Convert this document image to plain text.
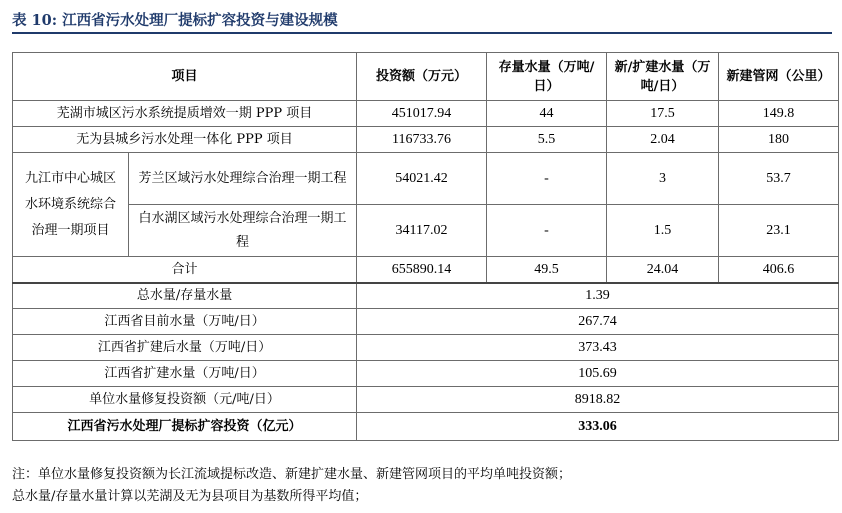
表 10: 江西省污水处理厂提标扩容投资与建设规模
项目		投资额（万元）	存量水量（万吨/日）	新/扩建水量（万吨/日）	新建管网（公里）
芜湖市城区污水系统提质增效一期 PPP 项目		451017.94	44	17.5	149.8
无为县城乡污水处理一体化 PPP 项目		116733.76	5.5	2.04	180
九江市中心城区水环境系统综合治理一期项目	芳兰区域污水处理综合治理一期工程	54021.42	-	3	53.7
	白水湖区域污水处理综合治理一期工程	34117.02	-	1.5	23.1
合计		655890.14	49.5	24.04	406.6
总水量/存量水量		1.39			
江西省目前水量（万吨/日）		267.74			
江西省扩建后水量（万吨/日）		373.43			
江西省扩建水量（万吨/日）		105.69			
单位水量修复投资额（元/吨/日）		8918.82			
江西省污水处理厂提标扩容投资（亿元）		333.06			
注：单位水量修复投资额为长江流域提标改造、新建扩建水量、新建管网项目的平均单吨投资额；
总水量/存量水量计算以芜湖及无为县项目为基数所得平均值；
